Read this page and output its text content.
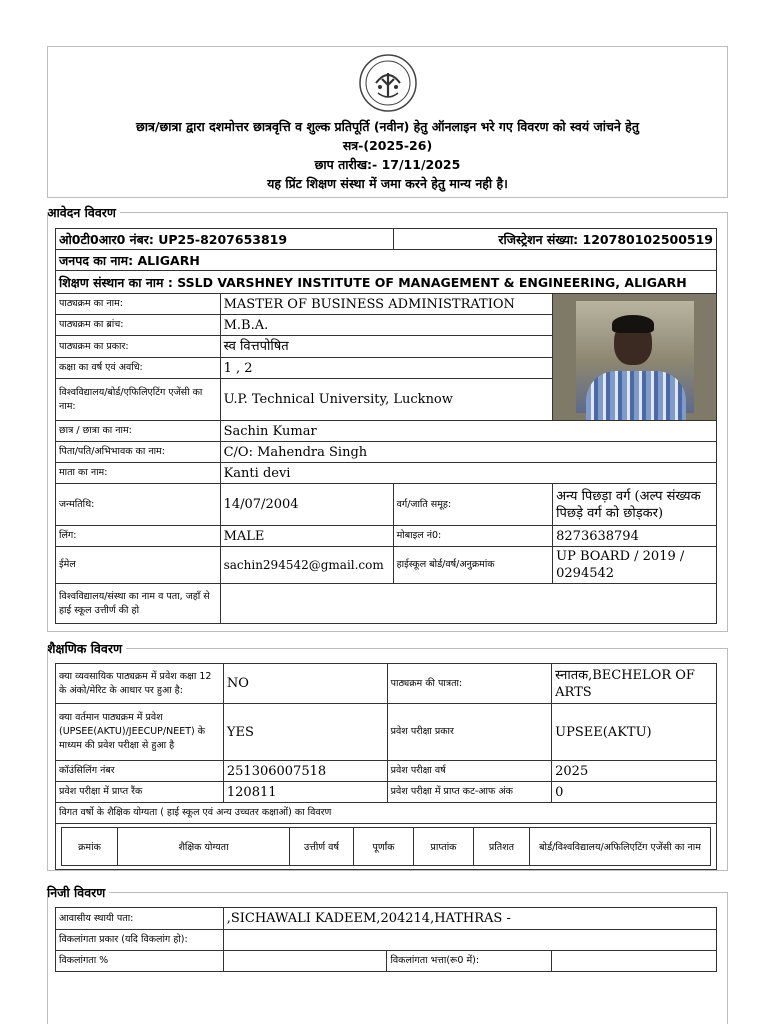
छात्र/छात्रा द्वारा दशमोत्तर छात्रवृत्ति व शुल्क प्रतिपूर्ति (नवीन) हेतु ऑनलाइन भरे गए विवरण को स्वयं जांचने हेतु
सत्र-(2025-26)
छाप तारीख:- 17/11/2025
यह प्रिंट शिक्षण संस्था में जमा करने हेतु मान्य नही है।
आवेदन विवरण
ओ0टी0आर0 नंबर: UP25-8207653819		रजिस्ट्रेशन संख्या: 120780102500519	
जनपद का नाम: ALIGARH			
शिक्षण संस्थान का नाम : SSLD VARSHNEY INSTITUTE OF MANAGEMENT & ENGINEERING, ALIGARH			
पाठ्यक्रम का नाम:	MASTER OF BUSINESS ADMINISTRATION		

पाठ्यक्रम का ब्रांच:	M.B.A.		
पाठ्यक्रम का प्रकार:	स्व वित्तपोषित		
कक्षा का वर्ष एवं अवधि:	1 , 2		
विश्वविद्यालय/बोर्ड/एफिलिएटिंग एजेंसी का नाम:	U.P. Technical University, Lucknow		
छात्र / छात्रा का नाम:	Sachin Kumar		
पिता/पति/अभिभावक का नाम:	C/O: Mahendra Singh		
माता का नाम:	Kanti devi		
जन्मतिथि:	14/07/2004	वर्ग/जाति समूह:	अन्य पिछड़ा वर्ग (अल्प संख्यक पिछड़े वर्ग को छोड़कर)
लिंग:	MALE	मोबाइल नं0:	8273638794
ईमेल	sachin294542@gmail.com	हाईस्कूल बोर्ड/वर्ष/अनुक्रमांक	UP BOARD / 2019 / 0294542
विश्वविद्यालय/संस्था का नाम व पता, जहाँ से हाई स्कूल उत्तीर्ण की हो			
शैक्षणिक विवरण
क्या व्यवसायिक पाठ्यक्रम में प्रवेश कक्षा 12 के अंको/मेरिट के आधार पर हुआ है:	NO	पाठ्यक्रम की पात्रता:	स्नातक,BECHELOR OF ARTS
क्या वर्तमान पाठ्यक्रम में प्रवेश (UPSEE(AKTU)/JEECUP/NEET) के माध्यम की प्रवेश परीक्षा से हुआ है	YES	प्रवेश परीक्षा प्रकार	UPSEE(AKTU)
कॉउंसिलिंग नंबर	251306007518	प्रवेश परीक्षा वर्ष	2025
प्रवेश परीक्षा में प्राप्त रैंक	120811	प्रवेश परीक्षा में प्राप्त कट-आफ अंक	0
विगत वर्षो के शैक्षिक योग्यता ( हाई स्कूल एवं अन्य उच्चतर कक्षाओं) का विवरण

क्रमांक	शैक्षिक योग्यता	उत्तीर्ण वर्ष	पूर्णांक	प्राप्तांक	प्रतिशत	बोर्ड/विश्वविद्यालय/अफिलिएटिंग एजेंसी का नाम
निजी विवरण
आवासीय स्थायी पता:	,SICHAWALI KADEEM,204214,HATHRAS -		
विकलांगता प्रकार (यदि विकलांग हो):			
विकलांगता %		विकलांगता भत्ता(रू0 में):	
